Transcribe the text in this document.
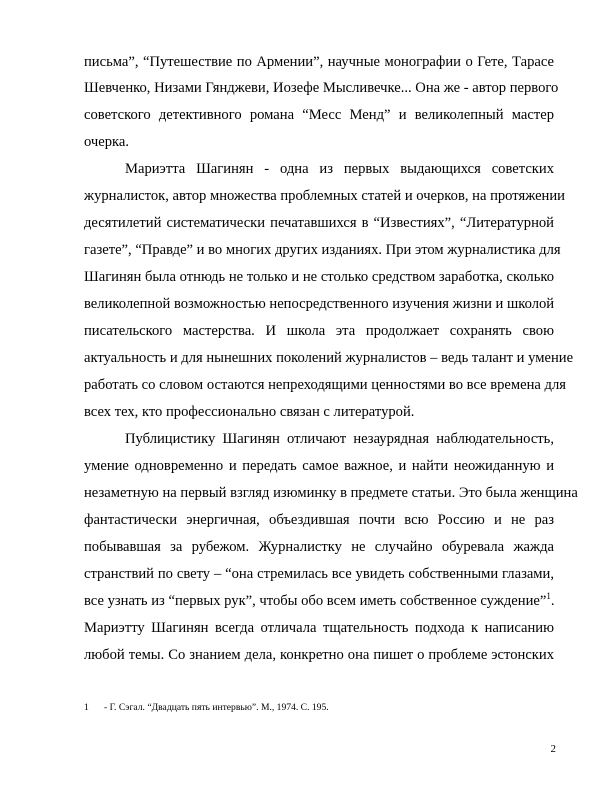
письма”, “Путешествие по Армении”, научные монографии о Гете, Тарасе
Шевченко, Низами Гянджеви, Иозефе Мысливечке... Она же - автор первого
советского детективного романа “Месс Менд” и великолепный мастер
очерка.
Мариэтта Шагинян - одна из первых выдающихся советских
журналисток, автор множества проблемных статей и очерков, на протяжении
десятилетий систематически печатавшихся в “Известиях”, “Литературной
газете”, “Правде” и во многих других изданиях. При этом журналистика для
Шагинян была отнюдь не только и не столько средством заработка, сколько
великолепной возможностью непосредственного изучения жизни и школой
писательского мастерства. И школа эта продолжает сохранять свою
актуальность и для нынешних поколений журналистов – ведь талант и умение
работать со словом остаются непреходящими ценностями во все времена для
всех тех, кто профессионально связан с литературой.
Публицистику Шагинян отличают незаурядная наблюдательность,
умение одновременно и передать самое важное, и найти неожиданную и
незаметную на первый взгляд изюминку в предмете статьи. Это была женщина
фантастически энергичная, объездившая почти всю Россию и не раз
побывавшая за рубежом. Журналистку не случайно обуревала жажда
странствий по свету – “она стремилась все увидеть собственными глазами,
все узнать из “первых рук”, чтобы обо всем иметь собственное суждение”$^1$.
Мариэтту Шагинян всегда отличала тщательность подхода к написанию
любой темы. Со знанием дела, конкретно она пишет о проблеме эстонских
1 - Г. Сэгал. “Двадцать пять интервью”. М., 1974. С. 195.
2
